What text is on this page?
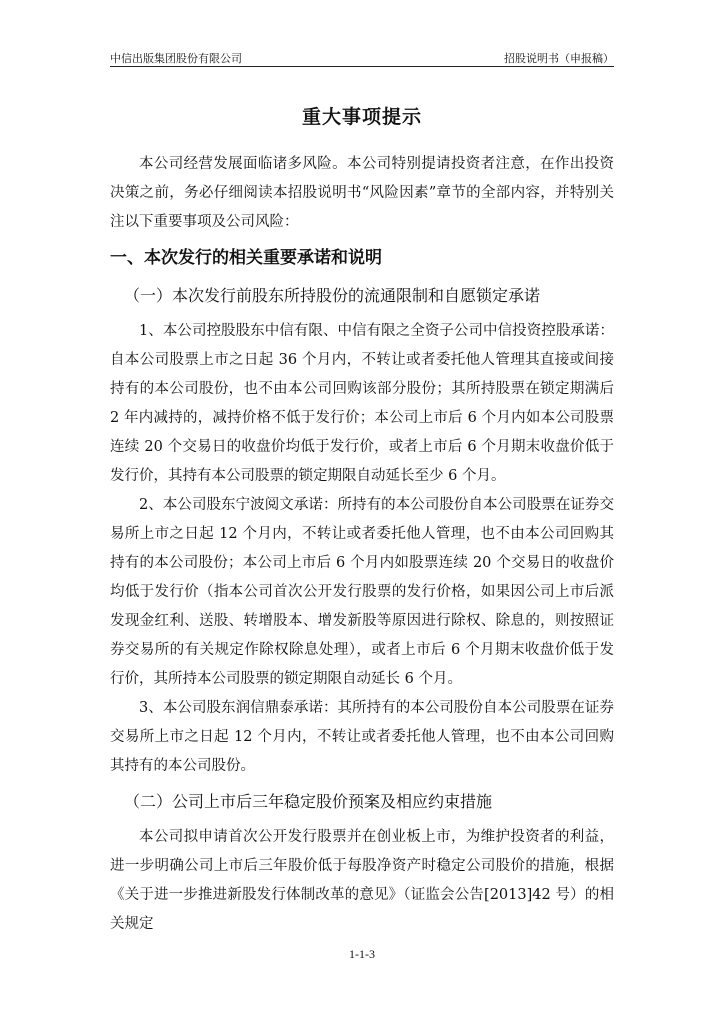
中信出版集团股份有限公司	招股说明书（申报稿）
重大事项提示

本公司经营发展面临诸多风险。本公司特别提请投资者注意，在作出投资决策之前，务必仔细阅读本招股说明书“风险因素”章节的全部内容，并特别关注以下重要事项及公司风险：

一、本次发行的相关重要承诺和说明
（一）本次发行前股东所持股份的流通限制和自愿锁定承诺

1、本公司控股股东中信有限、中信有限之全资子公司中信投资控股承诺：自本公司股票上市之日起 36 个月内，不转让或者委托他人管理其直接或间接持有的本公司股份，也不由本公司回购该部分股份；其所持股票在锁定期满后 2 年内减持的，减持价格不低于发行价；本公司上市后 6 个月内如本公司股票连续 20 个交易日的收盘价均低于发行价，或者上市后 6 个月期末收盘价低于发行价，其持有本公司股票的锁定期限自动延长至少 6 个月。

2、本公司股东宁波阅文承诺：所持有的本公司股份自本公司股票在证券交易所上市之日起 12 个月内，不转让或者委托他人管理，也不由本公司回购其持有的本公司股份；本公司上市后 6 个月内如股票连续 20 个交易日的收盘价均低于发行价（指本公司首次公开发行股票的发行价格，如果因公司上市后派发现金红利、送股、转增股本、增发新股等原因进行除权、除息的，则按照证券交易所的有关规定作除权除息处理），或者上市后 6 个月期末收盘价低于发行价，其所持本公司股票的锁定期限自动延长 6 个月。

3、本公司股东润信鼎泰承诺：其所持有的本公司股份自本公司股票在证券交易所上市之日起 12 个月内，不转让或者委托他人管理，也不由本公司回购其持有的本公司股份。

（二）公司上市后三年稳定股价预案及相应约束措施

本公司拟申请首次公开发行股票并在创业板上市，为维护投资者的利益，进一步明确公司上市后三年股价低于每股净资产时稳定公司股价的措施，根据《关于进一步推进新股发行体制改革的意见》（证监会公告[2013]42 号）的相关规定

1-1-3
